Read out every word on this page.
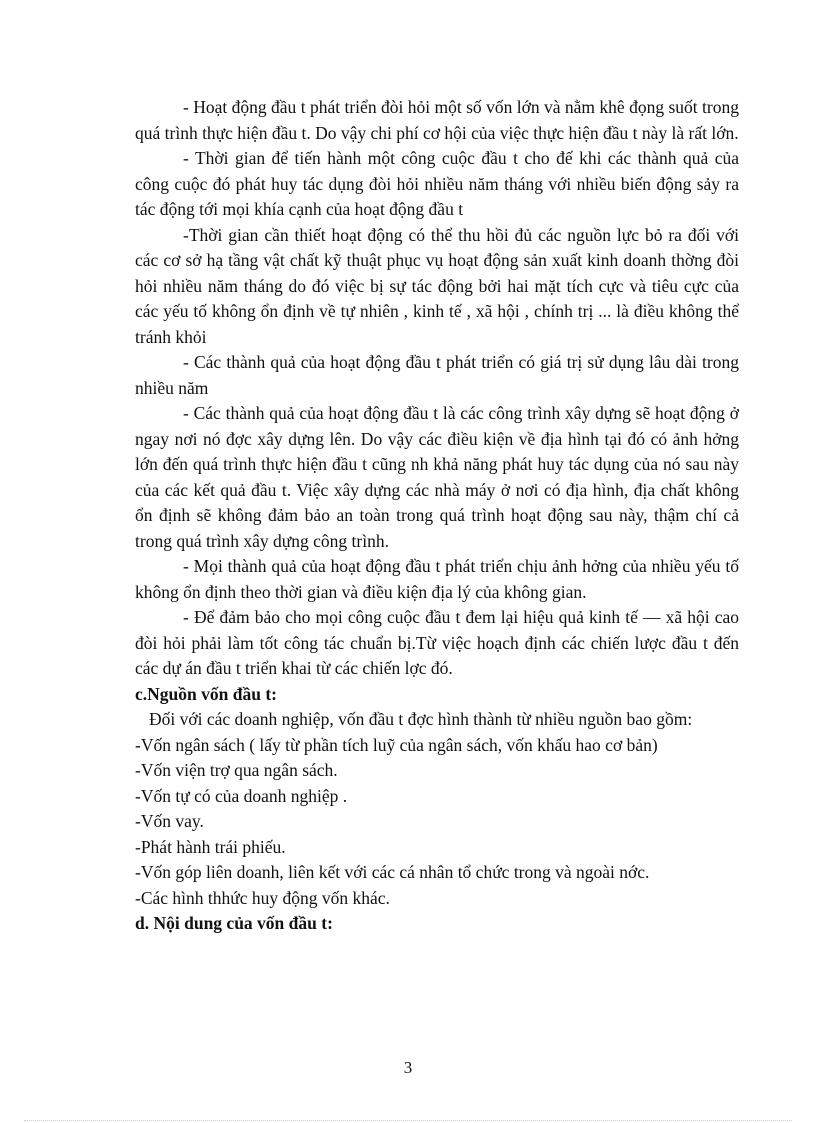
- Hoạt động đầu t phát triển đòi hỏi một số vốn lớn và nằm khê đọng suốt trong quá trình thực hiện đầu t. Do vậy chi phí cơ hội của việc thực hiện đầu t này là rất lớn.

- Thời gian để tiến hành một công cuộc đầu t cho đế khi các thành quả của công cuộc đó phát huy tác dụng đòi hỏi nhiều năm tháng với nhiều biến động sảy ra tác động tới mọi khía cạnh của hoạt động đầu t

-Thời gian cần thiết hoạt động có thể thu hồi đủ các nguồn lực bỏ ra đối với các cơ sở hạ tầng vật chất kỹ thuật phục vụ hoạt động sản xuất kinh doanh thờng đòi hỏi nhiều năm tháng do đó việc bị sự tác động bởi hai mặt tích cực và tiêu cực của các yếu tố không ổn định về tự nhiên , kinh tế , xã hội , chính trị ... là điều không thể tránh khỏi

- Các thành quả của hoạt động đầu t phát triển có giá trị sử dụng lâu dài trong nhiều năm

- Các thành quả của hoạt động đầu t là các công trình xây dựng sẽ hoạt động ở ngay nơi nó đợc xây dựng lên. Do vậy các điều kiện về địa hình tại đó có ảnh hởng lớn đến quá trình thực hiện đầu t cũng nh khả năng phát huy tác dụng của nó sau này của các kết quả đầu t. Việc xây dựng các nhà máy ở nơi có địa hình, địa chất không ổn định sẽ không đảm bảo an toàn trong quá trình hoạt động sau này, thậm chí cả trong quá trình xây dựng công trình.

- Mọi thành quả của hoạt động đầu t phát triển chịu ảnh hởng của nhiều yếu tố không ổn định theo thời gian và điều kiện địa lý của không gian.

- Để đảm bảo cho mọi công cuộc đầu t đem lại hiệu quả kinh tế — xã hội cao đòi hỏi phải làm tốt công tác chuẩn bị.Từ việc hoạch định các chiến lược đầu t đến các dự án đầu t triển khai từ các chiến lợc đó.

c.Nguồn vốn đầu t:

Đối với các doanh nghiệp, vốn đầu t đợc hình thành từ nhiều nguồn bao gồm:

-Vốn ngân sách ( lấy từ phần tích luỹ của ngân sách, vốn khấu hao cơ bản)

-Vốn viện trợ qua ngân sách.

-Vốn tự có của doanh nghiệp .

-Vốn vay.

-Phát hành trái phiếu.

-Vốn góp liên doanh, liên kết với các cá nhân tổ chức trong và ngoài nớc.

-Các hình thhức huy động vốn khác.

d. Nội dung của vốn đầu t:

3
